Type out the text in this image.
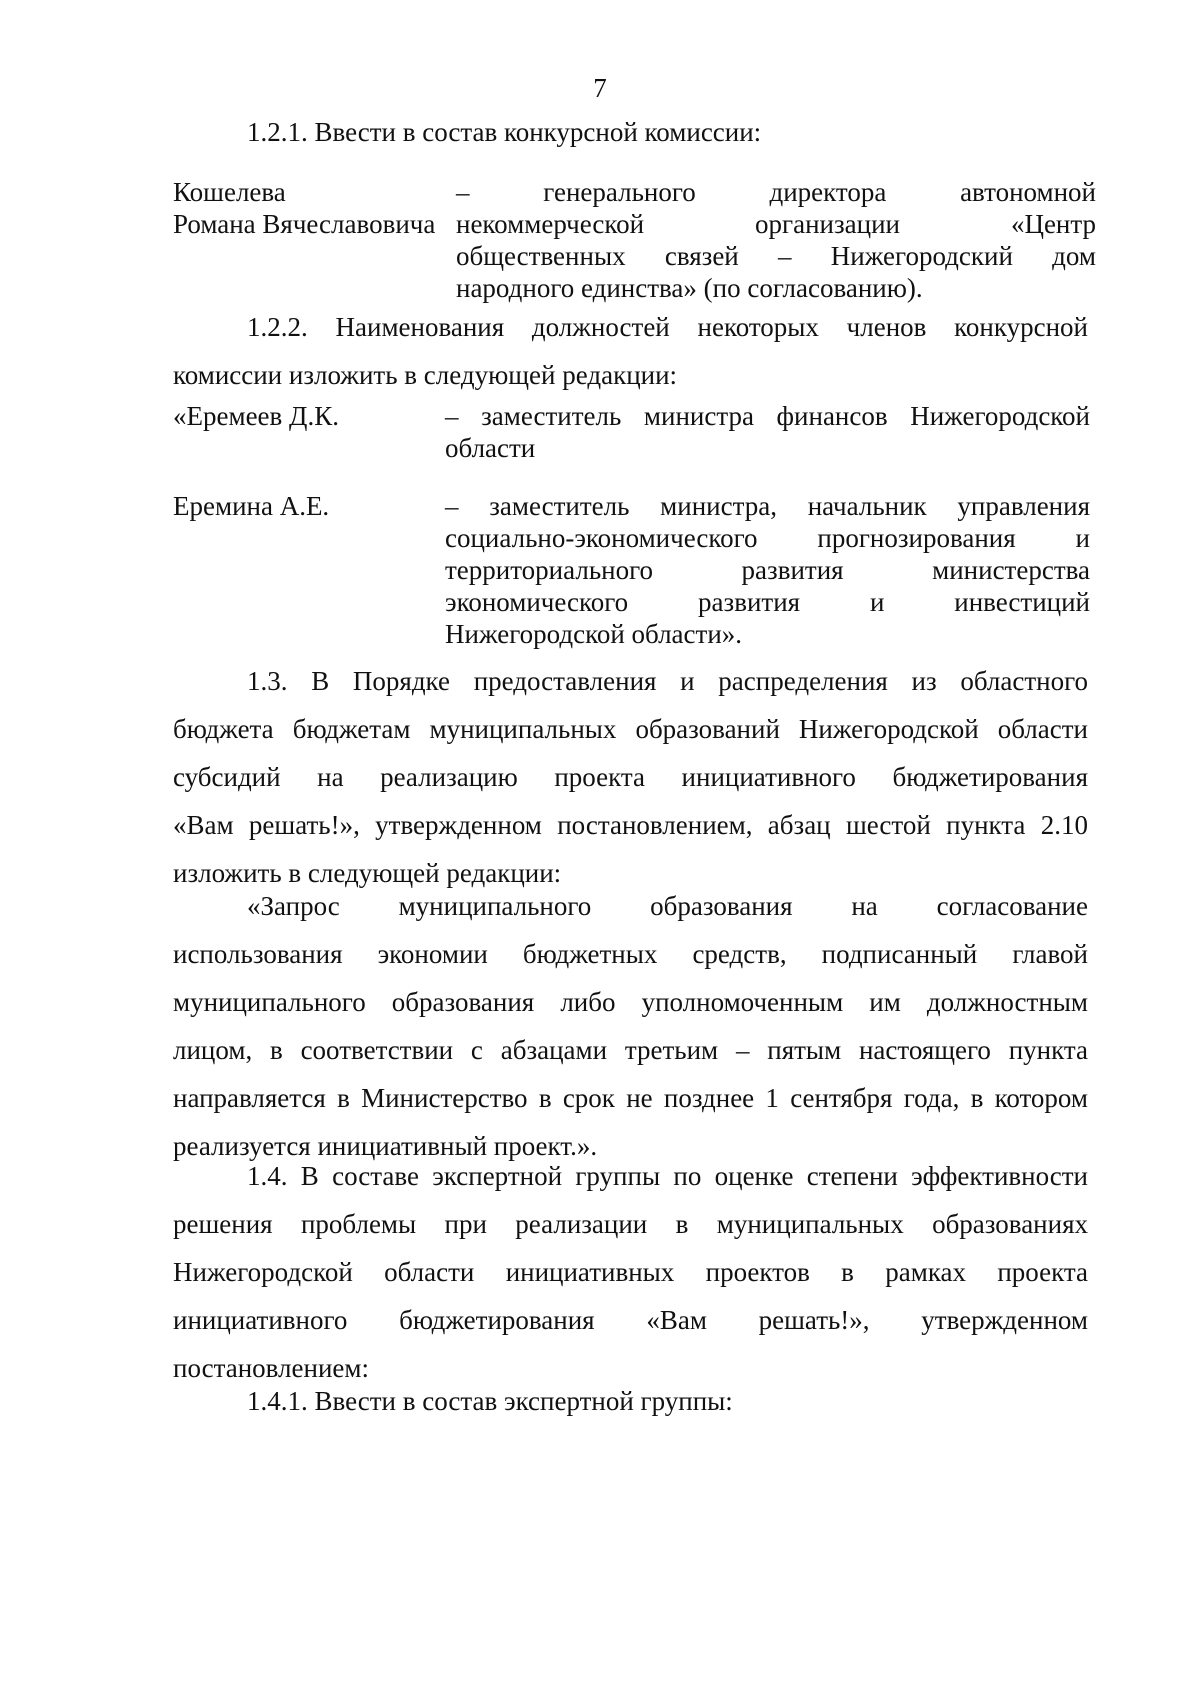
7
1.2.1. Ввести в состав конкурсной комиссии:
Кошелева
Романа Вячеславовича
– генерального директора автономной
некоммерческой организации «Центр
общественных связей – Нижегородский дом
народного единства» (по согласованию).
1.2.2. Наименования должностей некоторых членов конкурсной
комиссии изложить в следующей редакции:
«Еремеев Д.К.	– заместитель министра финансов Нижегородской
области
Еремина А.Е.	– заместитель министра, начальник управления
социально-экономического прогнозирования и
территориального развития министерства
экономического развития и инвестиций
Нижегородской области».
1.3. В Порядке предоставления и распределения из областного
бюджета бюджетам муниципальных образований Нижегородской области
субсидий на реализацию проекта инициативного бюджетирования
«Вам решать!», утвержденном постановлением, абзац шестой пункта 2.10
изложить в следующей редакции:
«Запрос муниципального образования на согласование
использования экономии бюджетных средств, подписанный главой
муниципального образования либо уполномоченным им должностным
лицом, в соответствии с абзацами третьим – пятым настоящего пункта
направляется в Министерство в срок не позднее 1 сентября года, в котором
реализуется инициативный проект.».
1.4. В составе экспертной группы по оценке степени эффективности
решения проблемы при реализации в муниципальных образованиях
Нижегородской области инициативных проектов в рамках проекта
инициативного бюджетирования «Вам решать!», утвержденном
постановлением:
1.4.1. Ввести в состав экспертной группы:
